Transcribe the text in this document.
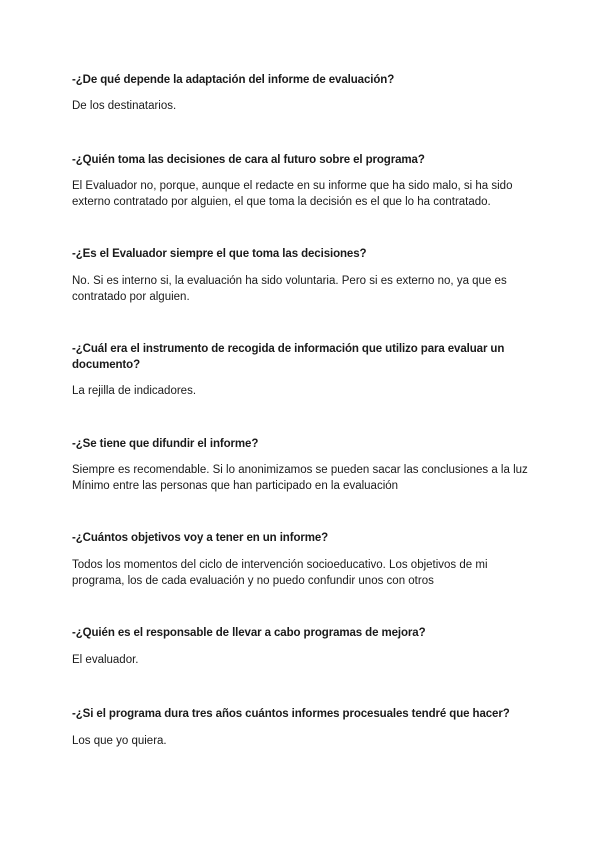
-¿De qué depende la adaptación del informe de evaluación?
De los destinatarios.
-¿Quién toma las decisiones de cara al futuro sobre el programa?
El Evaluador no, porque, aunque el redacte en su informe que ha sido malo, si ha sido externo contratado por alguien, el que toma la decisión es el que lo ha contratado.
-¿Es el Evaluador siempre el que toma las decisiones?
No. Si es interno si, la evaluación ha sido voluntaria. Pero si es externo no, ya que es contratado por alguien.
-¿Cuál era el instrumento de recogida de información que utilizo para evaluar un documento?
La rejilla de indicadores.
-¿Se tiene que difundir el informe?
Siempre es recomendable. Si lo anonimizamos se pueden sacar las conclusiones a la luz Mínimo entre las personas que han participado en la evaluación
-¿Cuántos objetivos voy a tener en un informe?
Todos los momentos del ciclo de intervención socioeducativo. Los objetivos de mi programa, los de cada evaluación y no puedo confundir unos con otros
-¿Quién es el responsable de llevar a cabo programas de mejora?
El evaluador.
-¿Si el programa dura tres años cuántos informes procesuales tendré que hacer?
Los que yo quiera.
